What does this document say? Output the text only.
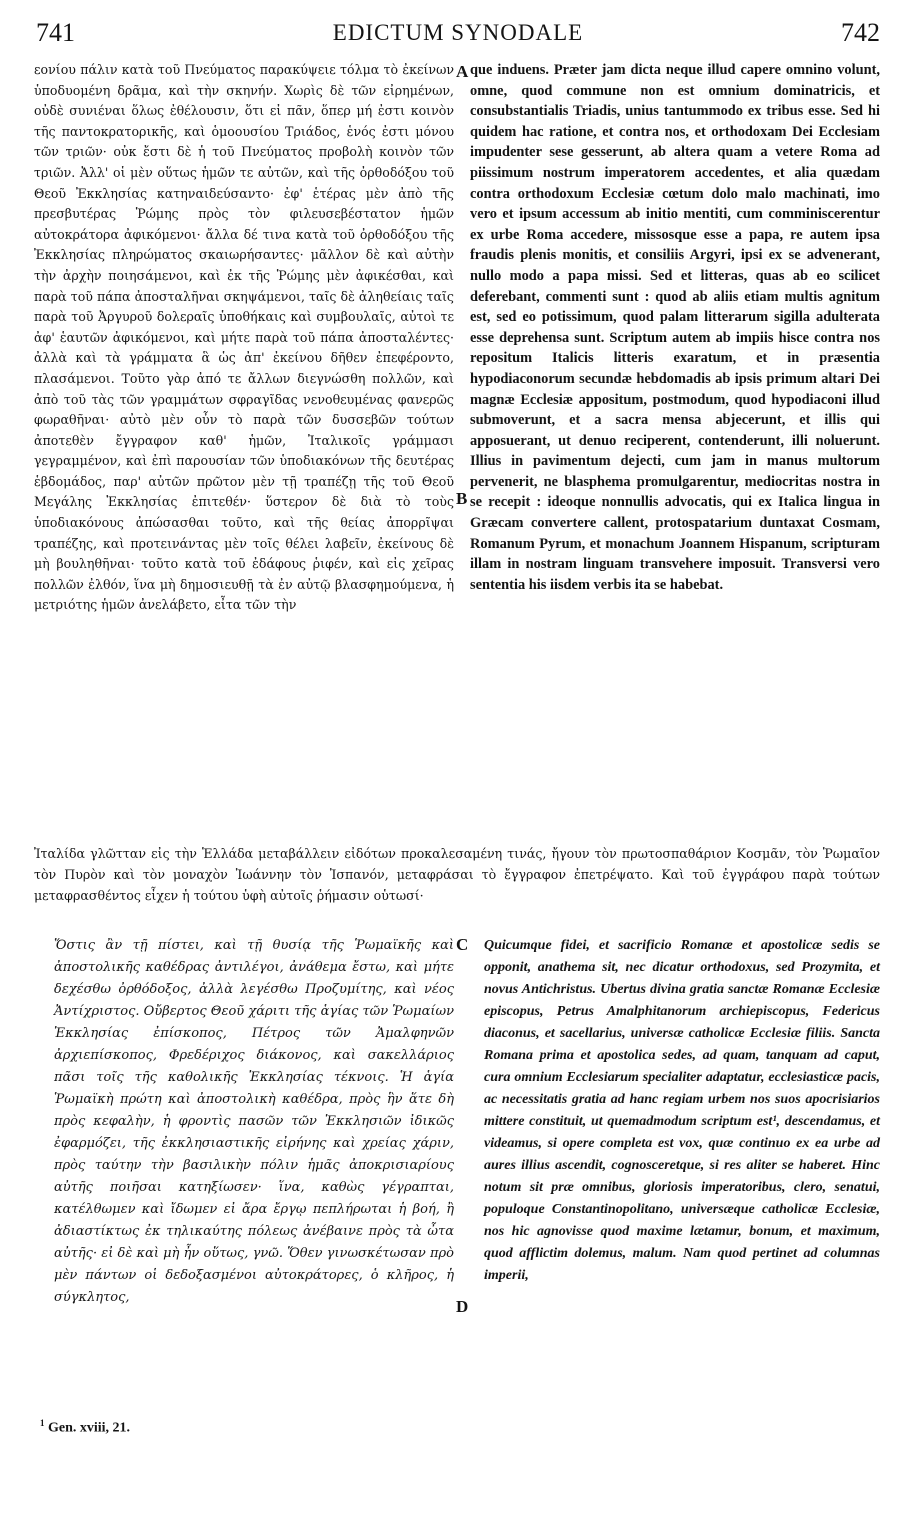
741	EDICTUM SYNODALE	742
A
B
C
D

εονίου πάλιν κατὰ τοῦ Πνεύματος παρακύψειε τόλμα τὸ ἐκείνων ὑποδυομένη δρᾶμα, καὶ τὴν σκηνήν. Χωρὶς δὲ τῶν εἰρημένων, οὐδὲ συνιέναι ὅλως ἐθέλουσιν, ὅτι εἰ πᾶν, ὅπερ μή ἐστι κοινὸν τῆς παντοκρατορικῆς, καὶ ὁμοουσίου Τριάδος, ἑνός ἐστι μόνου τῶν τριῶν· οὐκ ἔστι δὲ ἡ τοῦ Πνεύματος προβολὴ κοινὸν τῶν τριῶν. Ἀλλ' οἱ μὲν οὕτως ἡμῶν τε αὐτῶν, καὶ τῆς ὀρθοδόξου τοῦ Θεοῦ Ἐκκλησίας κατηναιδεύσαντο· ἐφ' ἑτέρας μὲν ἀπὸ τῆς πρεσβυτέρας Ῥώμης πρὸς τὸν φιλευσεβέστατον ἡμῶν αὐτοκράτορα ἀφικόμενοι· ἄλλα δέ τινα κατὰ τοῦ ὀρθοδόξου τῆς Ἐκκλησίας πληρώματος σκαιωρήσαντες· μᾶλλον δὲ καὶ αὐτὴν τὴν ἀρχὴν ποιησάμενοι, καὶ ἐκ τῆς Ῥώμης μὲν ἀφικέσθαι, καὶ παρὰ τοῦ πάπα ἀποσταλῆναι σκηψάμενοι, ταῖς δὲ ἀληθείαις ταῖς παρὰ τοῦ Ἀργυροῦ δολεραῖς ὑποθήκαις καὶ συμβουλαῖς, αὐτοὶ τε ἀφ' ἑαυτῶν ἀφικόμενοι, καὶ μήτε παρὰ τοῦ πάπα ἀποσταλέντες· ἀλλὰ καὶ τὰ γράμματα ἃ ὡς ἀπ' ἐκείνου δῆθεν ἐπεφέροντο, πλασάμενοι. Τοῦτο γὰρ ἀπό τε ἄλλων διεγνώσθη πολλῶν, καὶ ἀπὸ τοῦ τὰς τῶν γραμμάτων σφραγῖδας νενοθευμένας φανερῶς φωραθῆναι· αὐτὸ μὲν οὖν τὸ παρὰ τῶν δυσσεβῶν τούτων ἀποτεθὲν ἔγγραφον καθ' ἡμῶν, Ἰταλικοῖς γράμμασι γεγραμμένον, καὶ ἐπὶ παρουσίαν τῶν ὑποδιακόνων τῆς δευτέρας ἑβδομάδος, παρ' αὐτῶν πρῶτον μὲν τῇ τραπέζῃ τῆς τοῦ Θεοῦ Μεγάλης Ἐκκλησίας ἐπιτεθέν· ὕστερον δὲ διὰ τὸ τοὺς ὑποδιακόνους ἀπώσασθαι τοῦτο, καὶ τῆς θείας ἀπορρῖψαι τραπέζης, καὶ προτεινάντας μὲν τοῖς θέλει λαβεῖν, ἐκείνους δὲ μὴ βουληθῆναι· τοῦτο κατὰ τοῦ ἐδάφους ῥιφέν, καὶ εἰς χεῖρας πολλῶν ἐλθόν, ἵνα μὴ δημοσιευθῇ τὰ ἐν αὐτῷ βλασφημούμενα, ἡ μετριότης ἡμῶν ἀνελάβετο, εἶτα τῶν τὴν

que induens. Præter jam dicta neque illud capere omnino volunt, omne, quod commune non est omnium dominatricis, et consubstantialis Triadis, unius tantummodo ex tribus esse. Sed hi quidem hac ratione, et contra nos, et orthodoxam Dei Ecclesiam impudenter sese gesserunt, ab altera quam a vetere Roma ad piissimum nostrum imperatorem accedentes, et alia quædam contra orthodoxum Ecclesiæ cœtum dolo malo machinati, imo vero et ipsum accessum ab initio mentiti, cum comminiscerentur ex urbe Roma accedere, missosque esse a papa, re autem ipsa fraudis plenis monitis, et consiliis Argyri, ipsi ex se advenerant, nullo modo a papa missi. Sed et litteras, quas ab eo scilicet deferebant, commenti sunt : quod ab aliis etiam multis agnitum est, sed eo potissimum, quod palam litterarum sigilla adulterata esse deprehensa sunt. Scriptum autem ab impiis hisce contra nos repositum Italicis litteris exaratum, et in præsentia hypodiaconorum secundæ hebdomadis ab ipsis primum altari Dei magnæ Ecclesiæ appositum, postmodum, quod hypodiaconi illud submoverunt, et a sacra mensa abjecerunt, et illis qui apposuerant, ut denuo reciperent, contenderunt, illi noluerunt. Illius in pavimentum dejecti, cum jam in manus multorum pervenerit, ne blasphema promulgarentur, mediocritas nostra in se recepit : ideoque nonnullis advocatis, qui ex Italica lingua in Græcam convertere callent, protospatarium duntaxat Cosmam, Romanum Pyrum, et monachum Joannem Hispanum, scripturam illam in nostram linguam transvehere imposuit. Transversi vero sententia his iisdem verbis ita se habebat.

Ἰταλίδα γλῶτταν εἰς τὴν Ἑλλάδα μεταβάλλειν εἰδότων προκαλεσαμένη τινάς, ἤγουν τὸν πρωτοσπαθάριον Κοσμᾶν, τὸν Ῥωμαῖον τὸν Πυρὸν καὶ τὸν μοναχὸν Ἰωάννην τὸν Ἰσπανόν, μεταφράσαι τὸ ἔγγραφον ἐπετρέψατο. Καὶ τοῦ ἐγγράφου παρὰ τούτων μεταφρασθέντος εἶχεν ἡ τούτου ὑφὴ αὐτοῖς ῥήμασιν οὑτωσί·

Ὅστις ἂν τῇ πίστει, καὶ τῇ θυσίᾳ τῆς Ῥωμαϊκῆς καὶ ἀποστολικῆς καθέδρας ἀντιλέγοι, ἀνάθεμα ἔστω, καὶ μήτε δεχέσθω ὀρθόδοξος, ἀλλὰ λεγέσθω Προζυμίτης, καὶ νέος Ἀντίχριστος. Οὔβερτος Θεοῦ χάριτι τῆς ἁγίας τῶν Ῥωμαίων Ἐκκλησίας ἐπίσκοπος, Πέτρος τῶν Ἀμαλφηνῶν ἀρχιεπίσκοπος, Φρεδέριχος διάκονος, καὶ σακελλάριος πᾶσι τοῖς τῆς καθολικῆς Ἐκκλησίας τέκνοις. Ἡ ἁγία Ῥωμαϊκὴ πρώτη καὶ ἀποστολικὴ καθέδρα, πρὸς ἣν ἅτε δὴ πρὸς κεφαλὴν, ἡ φροντὶς πασῶν τῶν Ἐκκλησιῶν ἰδικῶς ἐφαρμόζει, τῆς ἐκκλησιαστικῆς εἰρήνης καὶ χρείας χάριν, πρὸς ταύτην τὴν βασιλικὴν πόλιν ἡμᾶς ἀποκρισιαρίους αὐτῆς ποιῆσαι κατηξίωσεν· ἵνα, καθὼς γέγραπται, κατέλθωμεν καὶ ἴδωμεν εἰ ἄρα ἔργῳ πεπλήρωται ἡ βοή, ἢ ἀδιαστίκτως ἐκ τηλικαύτης πόλεως ἀνέβαινε πρὸς τὰ ὦτα αὐτῆς· εἰ δὲ καὶ μὴ ἦν οὕτως, γνῶ. Ὅθεν γινωσκέτωσαν πρὸ μὲν πάντων οἱ δεδοξασμένοι αὐτοκράτορες, ὁ κλῆρος, ἡ σύγκλητος,

Quicumque fidei, et sacrificio Romanæ et apostolicæ sedis se opponit, anathema sit, nec dicatur orthodoxus, sed Prozymita, et novus Antichristus. Ubertus divina gratia sanctæ Romanæ Ecclesiæ episcopus, Petrus Amalphitanorum archiepiscopus, Federicus diaconus, et sacellarius, universæ catholicæ Ecclesiæ filiis. Sancta Romana prima et apostolica sedes, ad quam, tanquam ad caput, cura omnium Ecclesiarum specialiter adaptatur, ecclesiasticæ pacis, ac necessitatis gratia ad hanc regiam urbem nos suos apocrisiarios mittere constituit, ut quemadmodum scriptum est¹, descendamus, et videamus, si opere completa est vox, quæ continuo ex ea urbe ad aures illius ascendit, cognosceretque, si res aliter se haberet. Hinc notum sit præ omnibus, gloriosis imperatoribus, clero, senatui, populoque Constantinopolitano, universæque catholicæ Ecclesiæ, nos hic agnovisse quod maxime lætamur, bonum, et maximum, quod afflictim dolemus, malum. Nam quod pertinet ad columnas imperii,

$^1$ Gen. xviii, 21.
